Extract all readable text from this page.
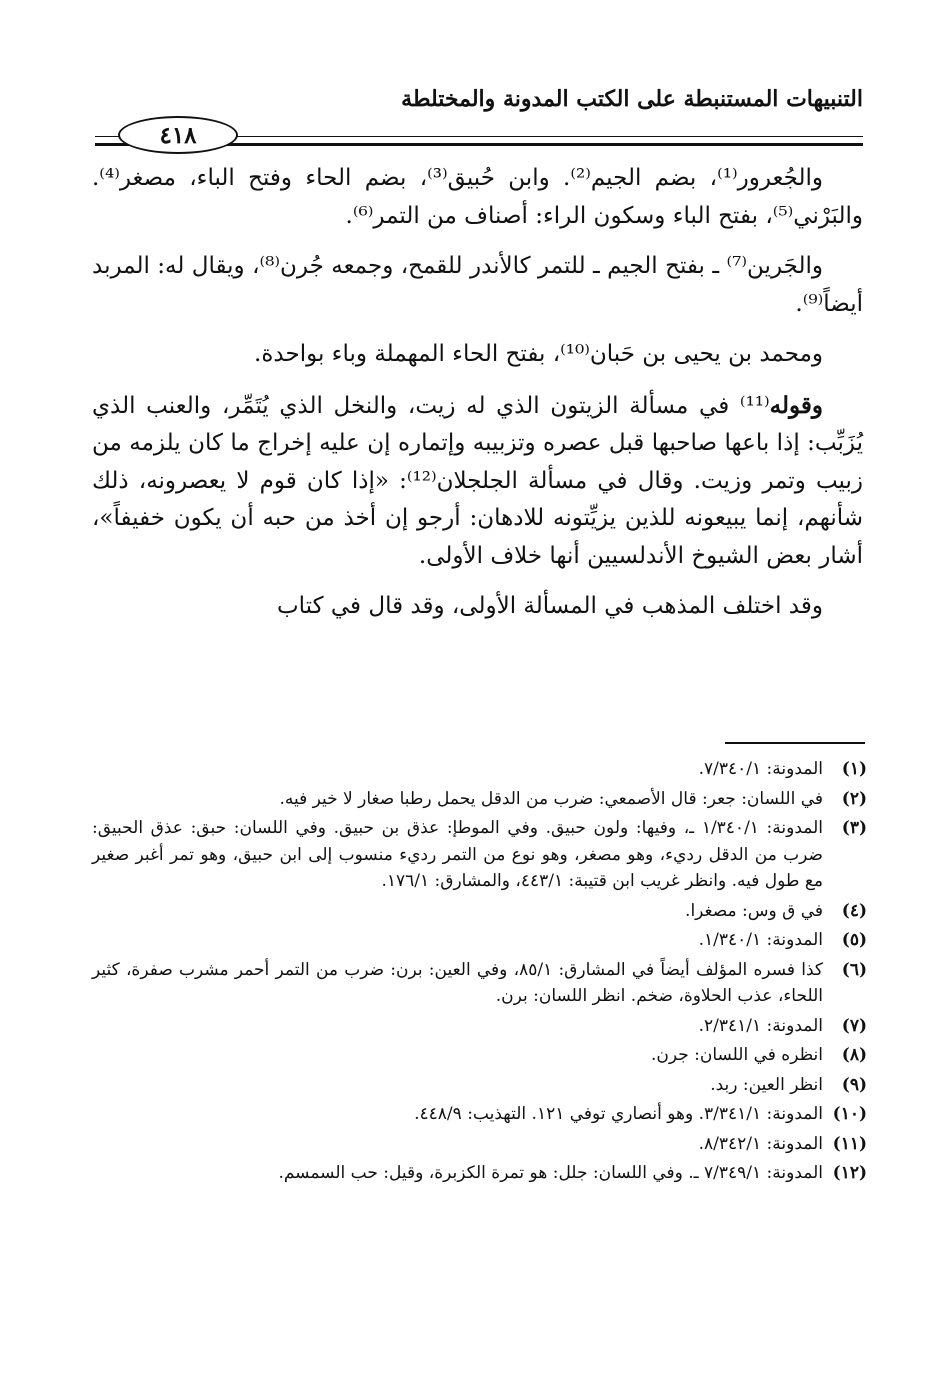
التنبيهات المستنبطة على الكتب المدونة والمختلطة
٤١٨

والجُعرور⁽¹⁾، بضم الجيم⁽²⁾. وابن حُبيق⁽³⁾، بضم الحاء وفتح الباء، مصغر⁽⁴⁾. والبَرْني⁽⁵⁾، بفتح الباء وسكون الراء: أصناف من التمر⁽⁶⁾.

والجَرين⁽⁷⁾ ـ بفتح الجيم ـ للتمر كالأندر للقمح، وجمعه جُرن⁽⁸⁾، ويقال له: المربد أيضاً⁽⁹⁾.

ومحمد بن يحيى بن حَبان⁽¹⁰⁾، بفتح الحاء المهملة وباء بواحدة.

وقوله⁽¹¹⁾ في مسألة الزيتون الذي له زيت، والنخل الذي يُتَمِّر، والعنب الذي يُزَبِّب: إذا باعها صاحبها قبل عصره وتزبيبه وإتماره إن عليه إخراج ما كان يلزمه من زبيب وتمر وزيت. وقال في مسألة الجلجلان⁽¹²⁾: «إذا كان قوم لا يعصرونه، ذلك شأنهم، إنما يبيعونه للذين يزيِّتونه للادهان: أرجو إن أخذ من حبه أن يكون خفيفاً»، أشار بعض الشيوخ الأندلسيين أنها خلاف الأولى.

وقد اختلف المذهب في المسألة الأولى، وقد قال في كتاب

(١)
المدونة: ٧/٣٤٠/١.
(٢)
في اللسان: جعر: قال الأصمعي: ضرب من الدقل يحمل رطبا صغار لا خير فيه.
(٣)
المدونة: ١/٣٤٠/١ ـ، وفيها: ولون حبيق. وفي الموطإ: عذق بن حبيق. وفي اللسان: حبق: عذق الحبيق: ضرب من الدقل رديء، وهو مصغر، وهو نوع من التمر رديء منسوب إلى ابن حبيق، وهو تمر أغبر صغير مع طول فيه. وانظر غريب ابن قتيبة: ٤٤٣/١، والمشارق: ١٧٦/١.
(٤)
في ق وس: مصغرا.
(٥)
المدونة: ١/٣٤٠/١.
(٦)
كذا فسره المؤلف أيضاً في المشارق: ٨٥/١، وفي العين: برن: ضرب من التمر أحمر مشرب صفرة، كثير اللحاء، عذب الحلاوة، ضخم. انظر اللسان: برن.
(٧)
المدونة: ٢/٣٤١/١.
(٨)
انظره في اللسان: جرن.
(٩)
انظر العين: ربد.
(١٠)
المدونة: ٣/٣٤١/١. وهو أنصاري توفي ١٢١. التهذيب: ٤٤٨/٩.
(١١)
المدونة: ٨/٣٤٢/١.
(١٢)
المدونة: ٧/٣٤٩/١ ـ. وفي اللسان: جلل: هو تمرة الكزبرة، وقيل: حب السمسم.
